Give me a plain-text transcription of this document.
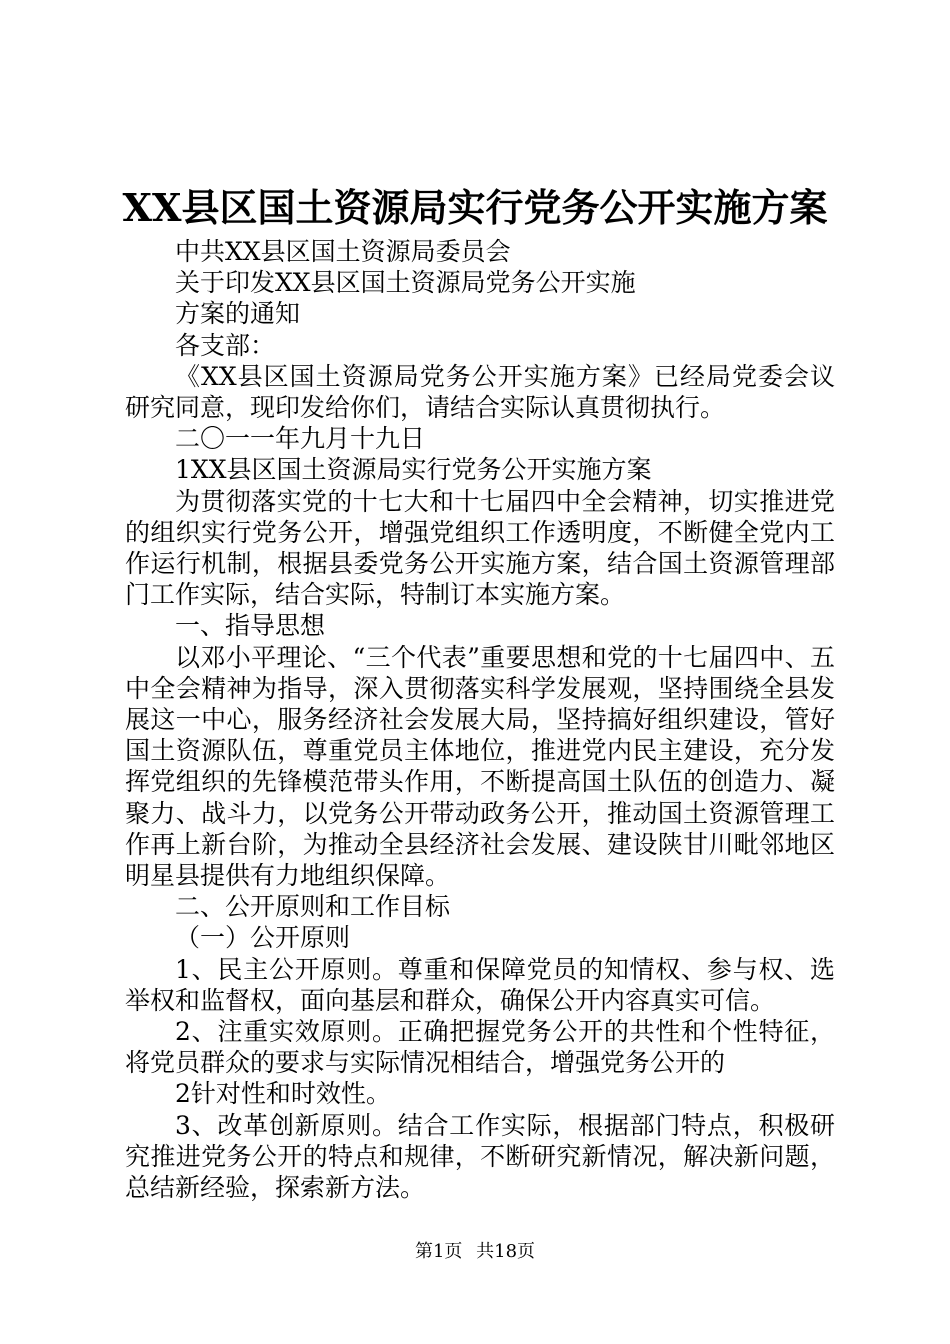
XX县区国土资源局实行党务公开实施方案

中共XX县区国土资源局委员会

关于印发XX县区国土资源局党务公开实施

方案的通知

各支部：

《XX县区国土资源局党务公开实施方案》已经局党委会议研究同意，现印发给你们，请结合实际认真贯彻执行。

二〇一一年九月十九日

1XX县区国土资源局实行党务公开实施方案

为贯彻落实党的十七大和十七届四中全会精神，切实推进党的组织实行党务公开，增强党组织工作透明度，不断健全党内工作运行机制，根据县委党务公开实施方案，结合国土资源管理部门工作实际，结合实际，特制订本实施方案。

一、指导思想

以邓小平理论、“三个代表”重要思想和党的十七届四中、五中全会精神为指导，深入贯彻落实科学发展观，坚持围绕全县发展这一中心，服务经济社会发展大局，坚持搞好组织建设，管好国土资源队伍，尊重党员主体地位，推进党内民主建设，充分发挥党组织的先锋模范带头作用，不断提高国土队伍的创造力、凝聚力、战斗力，以党务公开带动政务公开，推动国土资源管理工作再上新台阶，为推动全县经济社会发展、建设陕甘川毗邻地区明星县提供有力地组织保障。

二、公开原则和工作目标

（一）公开原则

1、民主公开原则。尊重和保障党员的知情权、参与权、选举权和监督权，面向基层和群众，确保公开内容真实可信。

2、注重实效原则。正确把握党务公开的共性和个性特征，将党员群众的要求与实际情况相结合，增强党务公开的

2针对性和时效性。

3、改革创新原则。结合工作实际，根据部门特点，积极研究推进党务公开的特点和规律，不断研究新情况，解决新问题，总结新经验，探索新方法。

第1页 共18页
